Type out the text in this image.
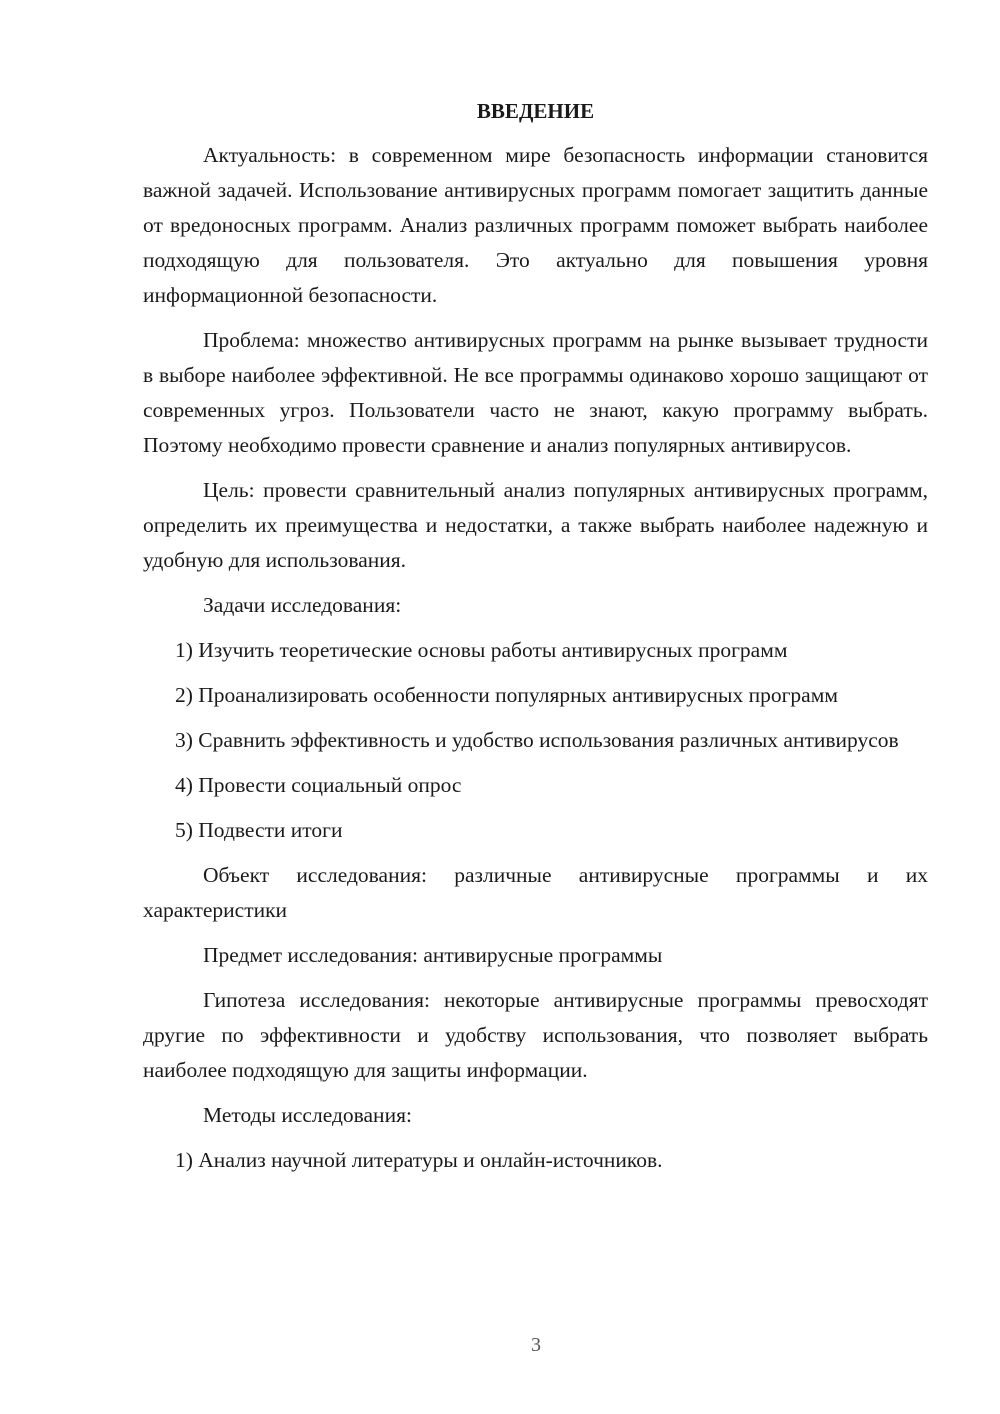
ВВЕДЕНИЕ

Актуальность: в современном мире безопасность информации становится важной задачей. Использование антивирусных программ помогает защитить данные от вредоносных программ. Анализ различных программ поможет выбрать наиболее подходящую для пользователя. Это актуально для повышения уровня информационной безопасности.

Проблема: множество антивирусных программ на рынке вызывает трудности в выборе наиболее эффективной. Не все программы одинаково хорошо защищают от современных угроз. Пользователи часто не знают, какую программу выбрать. Поэтому необходимо провести сравнение и анализ популярных антивирусов.

Цель: провести сравнительный анализ популярных антивирусных программ, определить их преимущества и недостатки, а также выбрать наиболее надежную и удобную для использования.

Задачи исследования:

1) Изучить теоретические основы работы антивирусных программ

2) Проанализировать особенности популярных антивирусных программ

3) Сравнить эффективность и удобство использования различных антивирусов

4) Провести социальный опрос

5) Подвести итоги

Объект исследования: различные антивирусные программы и их характеристики

Предмет исследования: антивирусные программы

Гипотеза исследования: некоторые антивирусные программы превосходят другие по эффективности и удобству использования, что позволяет выбрать наиболее подходящую для защиты информации.

Методы исследования:

1) Анализ научной литературы и онлайн-источников.

3
